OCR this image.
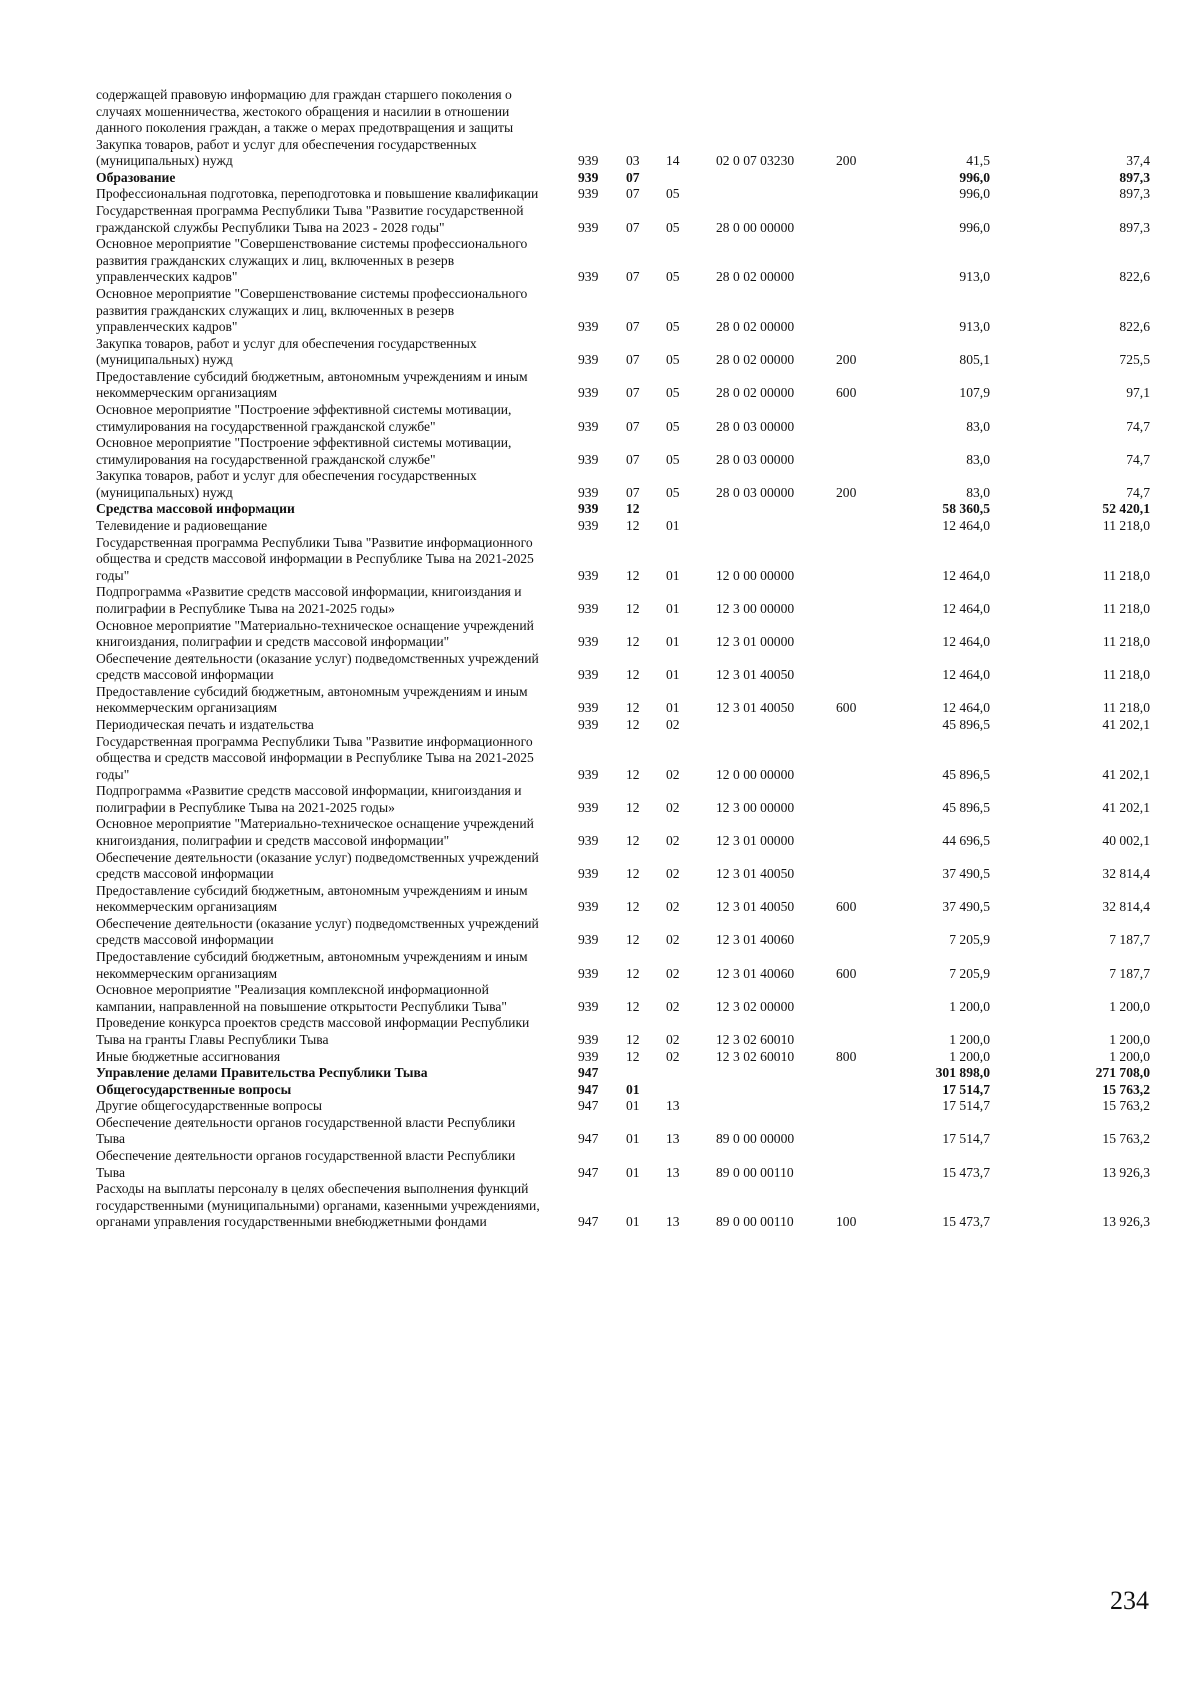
содержащей правовую информацию для граждан старшего поколения о случаях мошенничества, жестокого обращения и насилии в отношении данного поколения граждан, а также о мерах предотвращения и защиты							
Закупка товаров, работ и услуг для обеспечения государственных (муниципальных) нужд	939	03	14	02 0 07 03230	200	41,5	37,4
Образование	939	07				996,0	897,3
Профессиональная подготовка, переподготовка и повышение квалификации	939	07	05			996,0	897,3
Государственная программа Республики Тыва "Развитие государственной гражданской службы Республики Тыва на 2023 - 2028 годы"	939	07	05	28 0 00 00000		996,0	897,3
Основное мероприятие "Совершенствование системы профессионального развития гражданских служащих и лиц, включенных в резерв управленческих кадров"	939	07	05	28 0 02 00000		913,0	822,6
Основное мероприятие "Совершенствование системы профессионального развития гражданских служащих и лиц, включенных в резерв управленческих кадров"	939	07	05	28 0 02 00000		913,0	822,6
Закупка товаров, работ и услуг для обеспечения государственных (муниципальных) нужд	939	07	05	28 0 02 00000	200	805,1	725,5
Предоставление субсидий бюджетным, автономным учреждениям и иным некоммерческим организациям	939	07	05	28 0 02 00000	600	107,9	97,1
Основное мероприятие "Построение эффективной системы мотивации, стимулирования на государственной гражданской службе"	939	07	05	28 0 03 00000		83,0	74,7
Основное мероприятие "Построение эффективной системы мотивации, стимулирования на государственной гражданской службе"	939	07	05	28 0 03 00000		83,0	74,7
Закупка товаров, работ и услуг для обеспечения государственных (муниципальных) нужд	939	07	05	28 0 03 00000	200	83,0	74,7
Средства массовой информации	939	12				58 360,5	52 420,1
Телевидение и радиовещание	939	12	01			12 464,0	11 218,0
Государственная программа Республики Тыва "Развитие информационного общества и средств массовой информации в Республике Тыва на 2021-2025 годы"	939	12	01	12 0 00 00000		12 464,0	11 218,0
Подпрограмма «Развитие средств массовой информации, книгоиздания и полиграфии в Республике Тыва на 2021-2025 годы»	939	12	01	12 3 00 00000		12 464,0	11 218,0
Основное мероприятие "Материально-техническое оснащение учреждений книгоиздания, полиграфии и средств массовой информации"	939	12	01	12 3 01 00000		12 464,0	11 218,0
Обеспечение деятельности (оказание услуг) подведомственных учреждений средств массовой информации	939	12	01	12 3 01 40050		12 464,0	11 218,0
Предоставление субсидий бюджетным, автономным учреждениям и иным некоммерческим организациям	939	12	01	12 3 01 40050	600	12 464,0	11 218,0
Периодическая печать и издательства	939	12	02			45 896,5	41 202,1
Государственная программа Республики Тыва "Развитие информационного общества и средств массовой информации в Республике Тыва на 2021-2025 годы"	939	12	02	12 0 00 00000		45 896,5	41 202,1
Подпрограмма «Развитие средств массовой информации, книгоиздания и полиграфии в Республике Тыва на 2021-2025 годы»	939	12	02	12 3 00 00000		45 896,5	41 202,1
Основное мероприятие "Материально-техническое оснащение учреждений книгоиздания, полиграфии и средств массовой информации"	939	12	02	12 3 01 00000		44 696,5	40 002,1
Обеспечение деятельности (оказание услуг) подведомственных учреждений средств массовой информации	939	12	02	12 3 01 40050		37 490,5	32 814,4
Предоставление субсидий бюджетным, автономным учреждениям и иным некоммерческим организациям	939	12	02	12 3 01 40050	600	37 490,5	32 814,4
Обеспечение деятельности (оказание услуг) подведомственных учреждений средств массовой информации	939	12	02	12 3 01 40060		7 205,9	7 187,7
Предоставление субсидий бюджетным, автономным учреждениям и иным некоммерческим организациям	939	12	02	12 3 01 40060	600	7 205,9	7 187,7
Основное мероприятие "Реализация комплексной информационной кампании, направленной на повышение открытости Республики Тыва"	939	12	02	12 3 02 00000		1 200,0	1 200,0
Проведение конкурса проектов средств массовой информации Республики Тыва на гранты Главы Республики Тыва	939	12	02	12 3 02 60010		1 200,0	1 200,0
Иные бюджетные ассигнования	939	12	02	12 3 02 60010	800	1 200,0	1 200,0
Управление делами Правительства Республики Тыва	947					301 898,0	271 708,0
Общегосударственные вопросы	947	01				17 514,7	15 763,2
Другие общегосударственные вопросы	947	01	13			17 514,7	15 763,2
Обеспечение деятельности органов государственной власти Республики Тыва	947	01	13	89 0 00 00000		17 514,7	15 763,2
Обеспечение деятельности органов государственной власти Республики Тыва	947	01	13	89 0 00 00110		15 473,7	13 926,3
Расходы на выплаты персоналу в целях обеспечения выполнения функций государственными (муниципальными) органами, казенными учреждениями, органами управления государственными внебюджетными фондами	947	01	13	89 0 00 00110	100	15 473,7	13 926,3
234
